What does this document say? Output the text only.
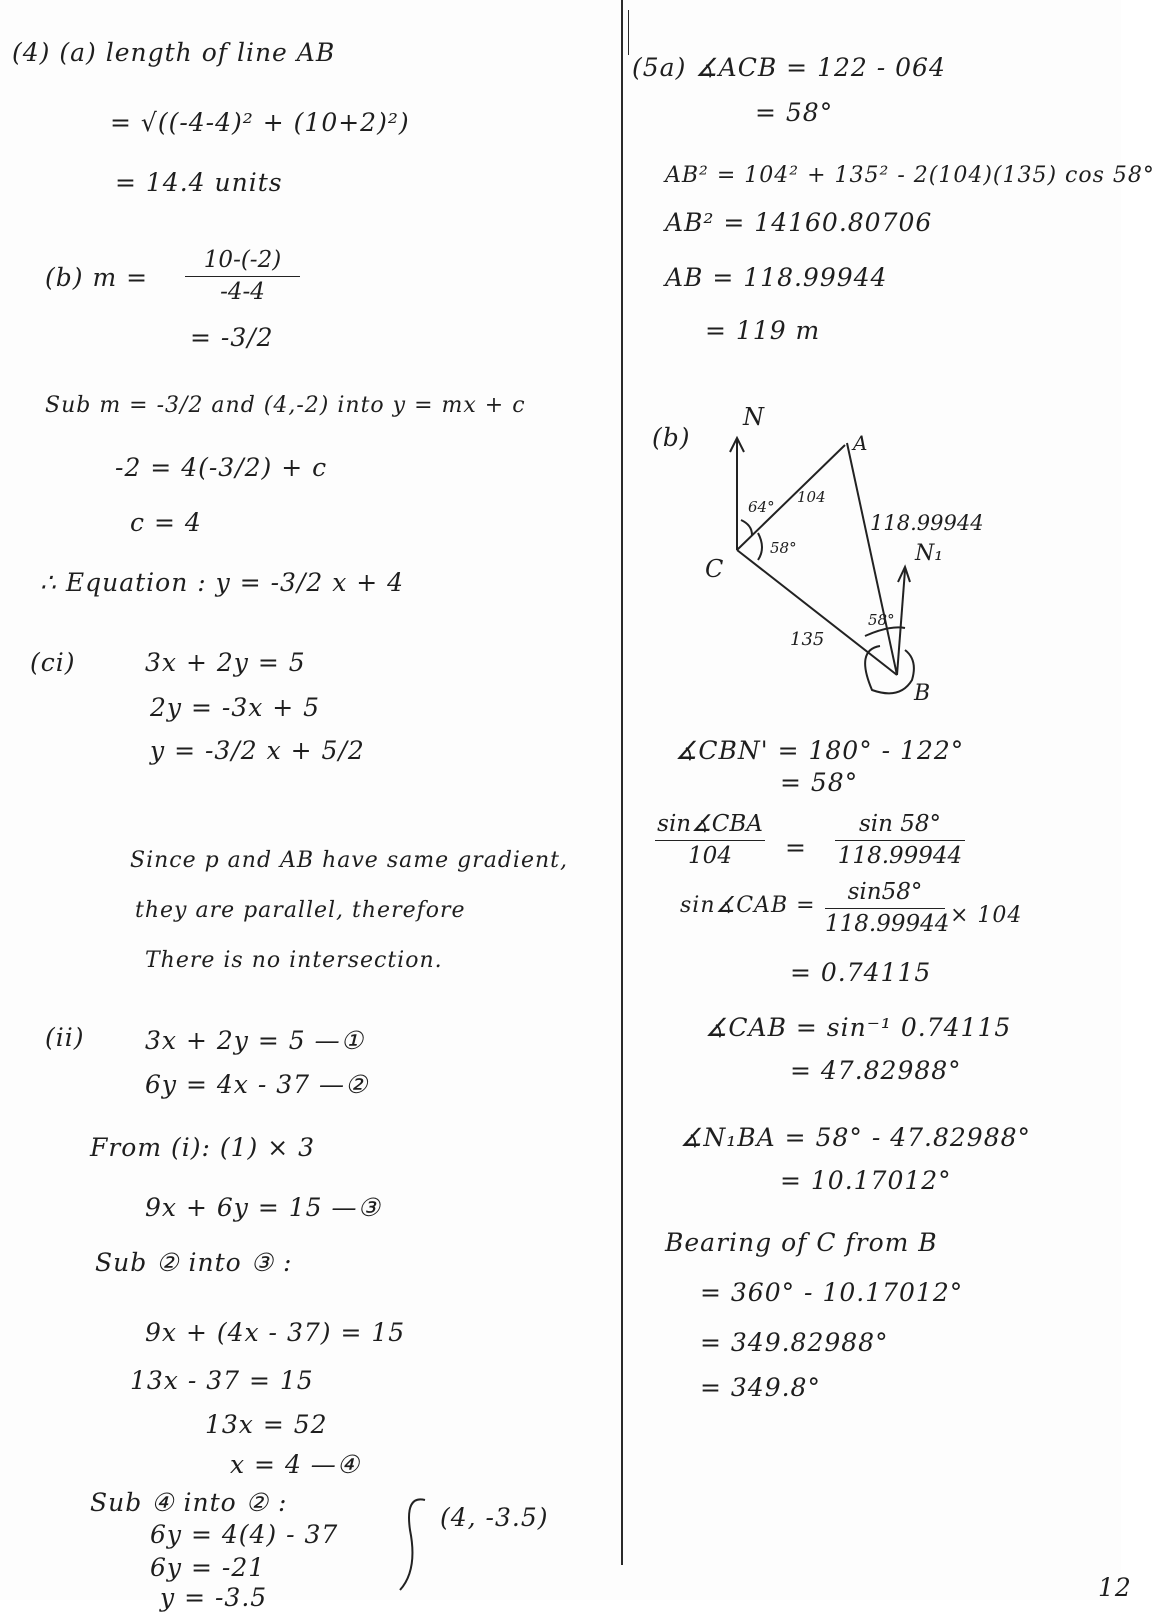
(4) (a) length of line AB
= √((-4-4)² + (10+2)²)
= 14.4 units
(b) m =
10-(-2)
-4-4
= -3/2
Sub m = -3/2 and (4,-2) into y = mx + c
-2 = 4(-3/2) + c
c = 4
∴ Equation : y = -3/2 x + 4
(ci)	3x + 2y = 5
2y = -3x + 5
y = -3/2 x + 5/2
Since p and AB have same gradient,
they are parallel, therefore
There is no intersection.
(ii) 3x + 2y = 5 —①
6y = 4x - 37 —②
From (i): (1) × 3
9x + 6y = 15 —③
Sub ② into ③ :
9x + (4x - 37) = 15
13x - 37 = 15
13x = 52
x = 4 —④
Sub ④ into ② :
6y = 4(4) - 37
6y = -21
y = -3.5
(4, -3.5)
(5a) ∡ACB = 122 - 064
= 58°
AB² = 104² + 135² - 2(104)(135) cos 58°
AB² = 14160.80706
AB = 118.99944
= 119 m
(b)
N
A
C
B
N₁
64°
104
58°
118.99944
135
58°
∡CBN' = 180° - 122°
= 58°
sin∡CBA
104	=
sin 58°
118.99944
sin∡CAB =
sin58°
118.99944 × 104
= 0.74115
∡CAB = sin⁻¹ 0.74115
= 47.82988°
∡N₁BA = 58° - 47.82988°
= 10.17012°
Bearing of C from B
= 360° - 10.17012°
= 349.82988°
= 349.8°
12
